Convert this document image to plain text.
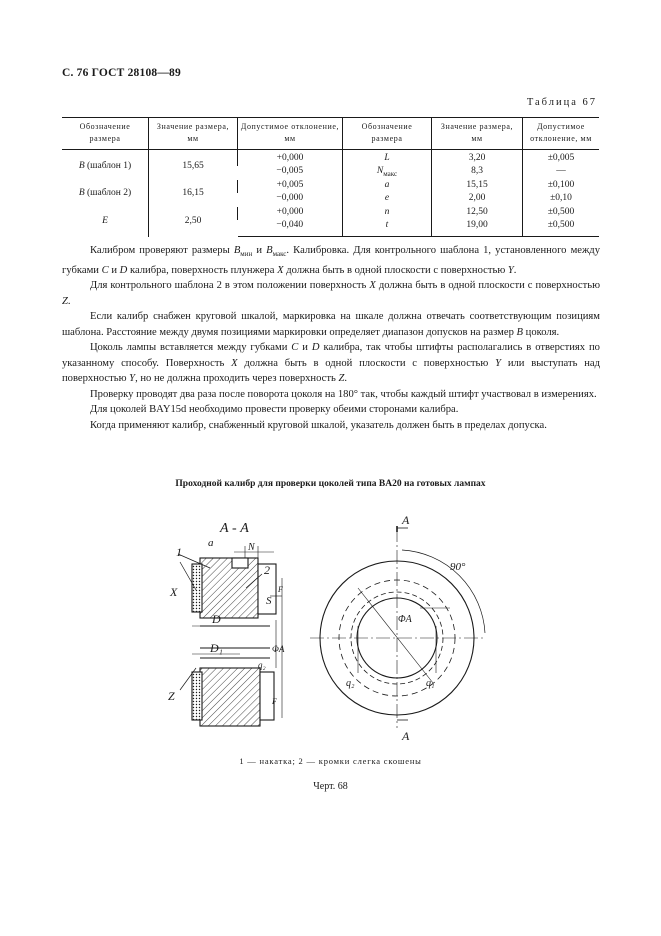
С. 76 ГОСТ 28108—89
Таблица 67
Обозначение размера	Значение размера, мм	Допустимое отклонение, мм	Обозначение размера	Значение размера, мм	Допустимое отклонение, мм
B (шаблон 1)	15,65	+0,000	L	3,20	±0,005
		−0,005	$N_{макс}$	8,3	—
B (шаблон 2)	16,15	+0,005	a	15,15	±0,100
		−0,000	e	2,00	±0,10
E	2,50	+0,000	n	12,50	±0,500
		−0,040	t	19,00	±0,500

Калибром проверяют размеры $B_{мин}$ и $B_{макс}$. Калибровка. Для контрольного шаблона 1, установленного между губками C и D калибра, поверхность плунжера X должна быть в одной плоскости с поверхностью Y.

Для контрольного шаблона 2 в этом положении поверхность X должна быть в одной плоскости с поверхностью Z.

Если калибр снабжен круговой шкалой, маркировка на шкале должна отвечать соответствующим позициям шаблона. Расстояние между двумя позициями маркировки определяет диапазон допусков на размер B цоколя.

Цоколь лампы вставляется между губками C и D калибра, так чтобы штифты располагались в отверстиях по указанному способу. Поверхность X должна быть в одной плоскости с поверхностью Y или выступать над поверхностью Y, но не должна проходить через поверхность Z.

Проверку проводят два раза после поворота цоколя на 180° так, чтобы каждый штифт участвовал в измерениях.

Для цоколей BAY15d необходимо провести проверку обеими сторонами калибра.

Когда применяют калибр, снабженный круговой шкалой, указатель должен быть в пределах допуска.

Проходной калибр для проверки цоколей типа BA20 на готовых лампах
А - А
1
a	N
2
X
S
F
D
D₁
q₂
ΦA
Z	F
A
A
90°
ΦA
q₂	q₁
1 — накатка; 2 — кромки слегка скошены
Черт. 68
